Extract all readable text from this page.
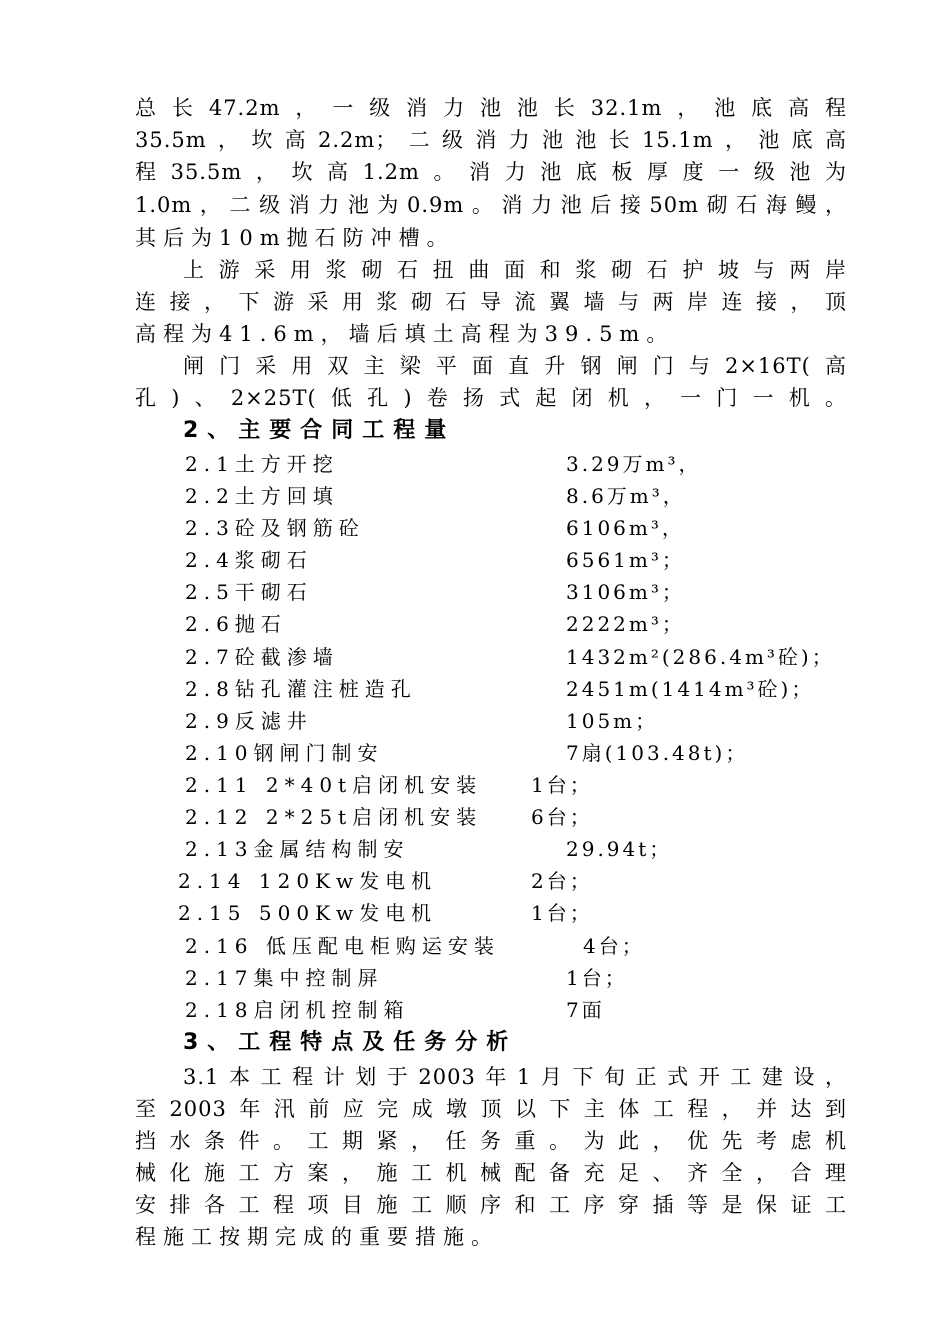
总长47.2m，一级消力池池长32.1m，池底高程
35.5m，坎高2.2m；二级消力池池长15.1m，池底高
程35.5m，坎高1.2m。消力池底板厚度一级池为
1.0m，二级消力池为0.9m。消力池后接50m砌石海鳗，
其后为10m抛石防冲槽。
上游采用浆砌石扭曲面和浆砌石护坡与两岸
连接，下游采用浆砌石导流翼墙与两岸连接，顶
高程为41.6m，墙后填土高程为39.5m。
闸门采用双主梁平面直升钢闸门与2×16T(高
孔)、2×25T(低孔)卷扬式起闭机，一门一机。
2、主要合同工程量
2.1土方开挖	3.29万m³，
2.2土方回填	8.6万m³，
2.3砼及钢筋砼	6106m³，
2.4浆砌石	6561m³；
2.5干砌石	3106m³；
2.6抛石	2222m³；
2.7砼截渗墙	1432m²(286.4m³砼)；
2.8钻孔灌注桩造孔	2451m(1414m³砼)；
2.9反滤井	105m；
2.10钢闸门制安	7扇(103.48t)；
2.11 2*40t启闭机安装 1台；
2.12 2*25t启闭机安装 6台；
2.13金属结构制安	29.94t；
2.14 120Kw发电机	2台；
2.15 500Kw发电机	1台；
2.16 低压配电柜购运安装	4台；
2.17集中控制屏	1台；
2.18启闭机控制箱	7面
3、工程特点及任务分析
3.1本工程计划于2003年1月下旬正式开工建设，
至2003年汛前应完成墩顶以下主体工程，并达到
挡水条件。工期紧，任务重。为此，优先考虑机
械化施工方案，施工机械配备充足、齐全，合理
安排各工程项目施工顺序和工序穿插等是保证工
程施工按期完成的重要措施。
